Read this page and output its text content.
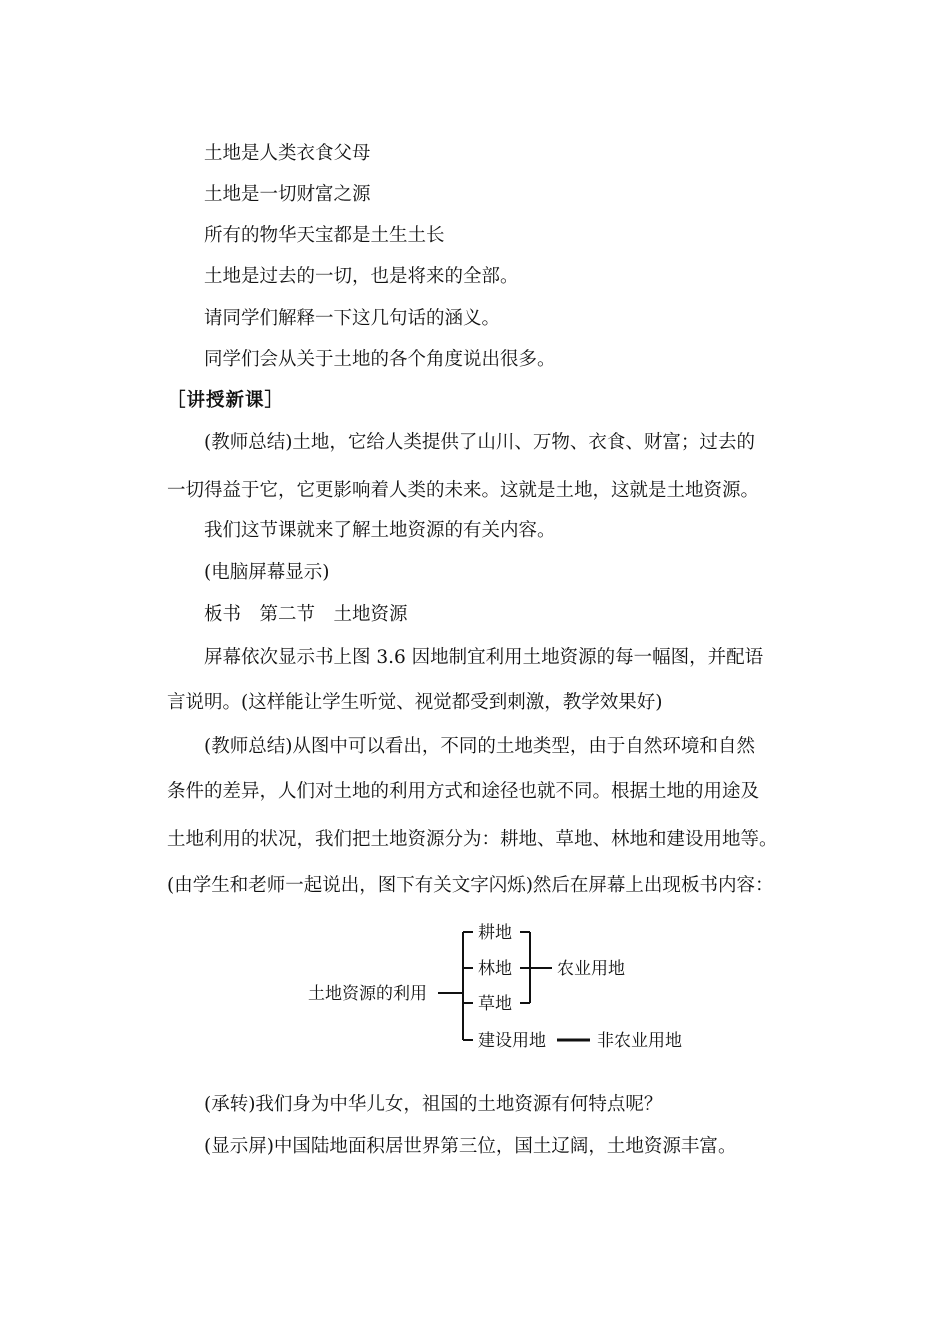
土地是人类衣食父母
土地是一切财富之源
所有的物华天宝都是土生土长
土地是过去的一切，也是将来的全部。
请同学们解释一下这几句话的涵义。
同学们会从关于土地的各个角度说出很多。
［讲授新课］
(教师总结)土地，它给人类提供了山川、万物、衣食、财富；过去的
一切得益于它，它更影响着人类的未来。这就是土地，这就是土地资源。
我们这节课就来了解土地资源的有关内容。
(电脑屏幕显示)
板书　第二节　土地资源
屏幕依次显示书上图 3.6 因地制宜利用土地资源的每一幅图，并配语
言说明。(这样能让学生听觉、视觉都受到刺激，教学效果好)
(教师总结)从图中可以看出，不同的土地类型，由于自然环境和自然
条件的差异，人们对土地的利用方式和途径也就不同。根据土地的用途及
土地利用的状况，我们把土地资源分为：耕地、草地、林地和建设用地等。
(由学生和老师一起说出，图下有关文字闪烁)然后在屏幕上出现板书内容：
土地资源的利用
耕地
林地
草地
建设用地
农业用地
非农业用地
(承转)我们身为中华儿女，祖国的土地资源有何特点呢？
(显示屏)中国陆地面积居世界第三位，国土辽阔，土地资源丰富。
